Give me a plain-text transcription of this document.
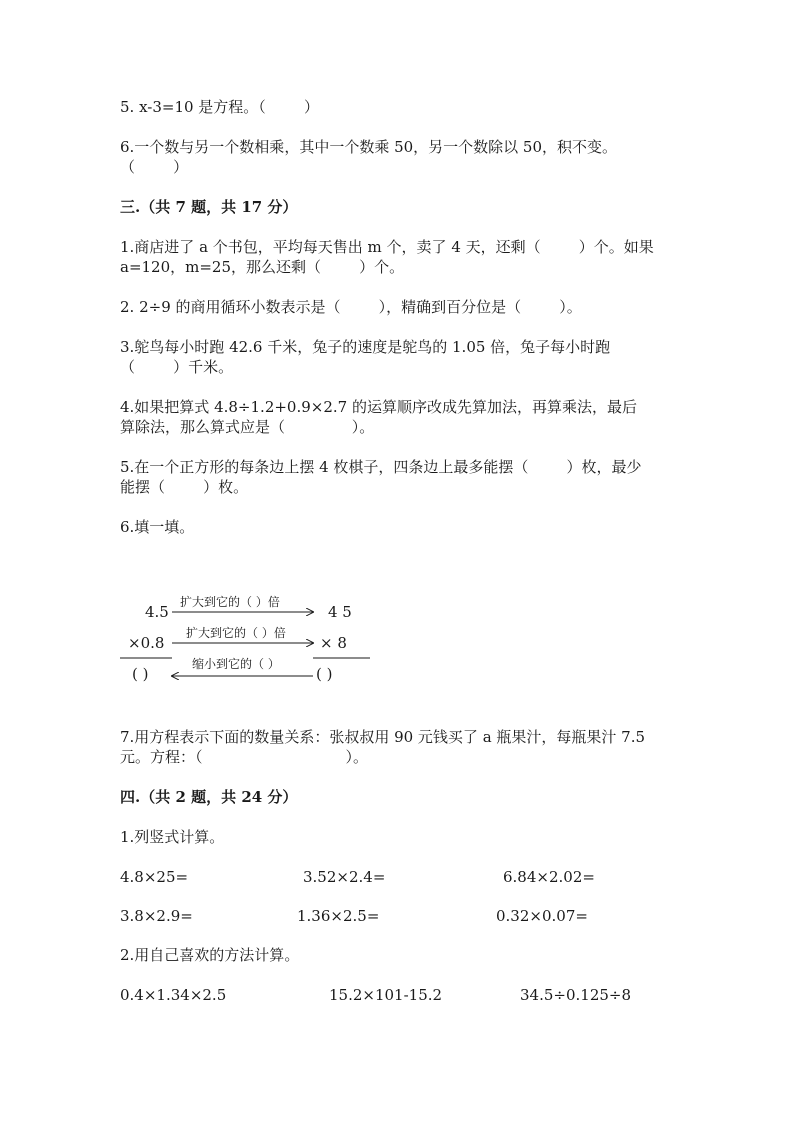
5. x-3=10 是方程。（        ）
6.一个数与另一个数相乘，其中一个数乘 50，另一个数除以 50，积不变。
（        ）
三.（共 7 题，共 17 分）
1.商店进了 a 个书包，平均每天售出 m 个，卖了 4 天，还剩（        ）个。如果
a=120，m=25，那么还剩（        ）个。
2. 2÷9 的商用循环小数表示是（        ），精确到百分位是（        ）。
3.鸵鸟每小时跑 42.6 千米，兔子的速度是鸵鸟的 1.05 倍，兔子每小时跑
（        ）千米。
4.如果把算式 4.8÷1.2+0.9×2.7 的运算顺序改成先算加法，再算乘法，最后
算除法，那么算式应是（              ）。
5.在一个正方形的每条边上摆 4 枚棋子，四条边上最多能摆（        ）枚，最少
能摆（        ）枚。
6.填一填。
4.5
×0.8
( )
4 5
× 8
( )
扩大到它的（ ）倍
扩大到它的（ ）倍
缩小到它的（ ）
7.用方程表示下面的数量关系：张叔叔用 90 元钱买了 a 瓶果汁，每瓶果汁 7.5
元。方程：（                              ）。
四.（共 2 题，共 24 分）
1.列竖式计算。
4.8×25=	3.52×2.4=	6.84×2.02=
3.8×2.9=	1.36×2.5=	0.32×0.07=
2.用自己喜欢的方法计算。
0.4×1.34×2.5	15.2×101-15.2	34.5÷0.125÷8
